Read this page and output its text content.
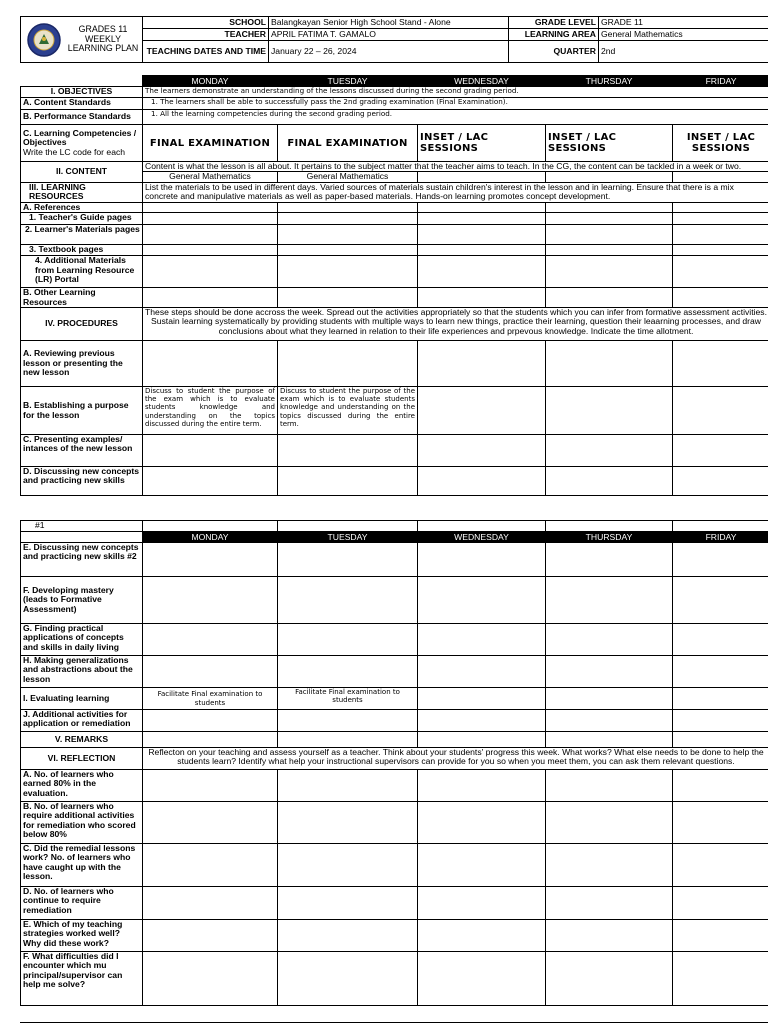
GRADES 11 WEEKLY LEARNING PLAN	SCHOOL	Balangkayan Senior High School Stand - Alone	GRADE LEVEL	GRADE 11
	TEACHER	APRIL FATIMA T. GAMALO	LEARNING AREA	General Mathematics
	TEACHING DATES AND TIME	January 22 – 26, 2024	QUARTER	2nd
	MONDAY	TUESDAY	WEDNESDAY	THURSDAY	FRIDAY
I. OBJECTIVES	The learners demonstrate an understanding of the lessons discussed during the second grading period.				
A. Content Standards	1. The learners shall be able to successfully pass the 2nd grading examination (Final Examination).				
B. Performance Standards	1. All the learning competencies during the second grading period.				

C. Learning Competencies / Objectives
Write the LC code for each	FINAL EXAMINATION	FINAL EXAMINATION	INSET / LAC SESSIONS	INSET / LAC SESSIONS	INSET / LAC SESSIONS
II. CONTENT	Content is what the lesson is all about. It pertains to the subject matter that the teacher aims to teach. In the CG, the content can be tackled in a week or two.				
	General Mathematics	General Mathematics			
III. LEARNING RESOURCES	List the materials to be used in different days. Varied sources of materials sustain children's interest in the lesson and in learning. Ensure that there is a mix concrete and manipulative materials as well as paper-based materials. Hands-on learning promotes concept development.				
A. References					
1. Teacher's Guide pages					
2. Learner's Materials pages					
3. Textbook pages					
4. Additional Materials from Learning Resource (LR) Portal					
B. Other Learning Resources					
IV. PROCEDURES	These steps should be done accross the week. Spread out the activities appropriately so that the students which you can infer from formative assessment activities. Sustain learning systematically by providing students with multiple ways to learn new things, practice their learning, question their leaarning processes, and draw conclusions about what they learned in relation to their life experiences and prpevous knowledge. Indicate the time allotment.				
A. Reviewing previous lesson or presenting the new lesson					
B. Establishing a purpose for the lesson	Discuss to student the purpose of the exam which is to evaluate students knowledge and understanding on the topics discussed during the entire term.	Discuss to student the purpose of the exam which is to evaluate students knowledge and understanding on the topics discussed during the entire term.			
C. Presenting examples/ intances of the new lesson					
D. Discussing new concepts and practicing new skills					
#1					
	MONDAY	TUESDAY	WEDNESDAY	THURSDAY	FRIDAY
E. Discussing new concepts and practicing new skills #2					
F. Developing mastery (leads to Formative Assessment)					
G. Finding practical applications of concepts and skills in daily living					
H. Making generalizations and abstractions about the lesson					
I. Evaluating learning	Facilitate Final examination to students	Facilitate Final examination to students			
J. Additional activities for application or remediation					
V. REMARKS					
VI. REFLECTION	Reflecton on your teaching and assess yourself as a teacher. Think about your students' progress this week. What works? What else needs to be done to help the students learn? Identify what help your instructional supervisors can provide for you so when you meet them, you can ask them relevant questions.				
A. No. of learners who earned 80% in the evaluation.					
B. No. of learners who require additional activities for remediation who scored below 80%					
C. Did the remedial lessons work? No. of learners who have caught up with the lesson.					
D. No. of learners who continue to require remediation					
E. Which of my teaching strategies worked well? Why did these work?					
F. What difficulties did I encounter which mu principal/supervisor can help me solve?					
